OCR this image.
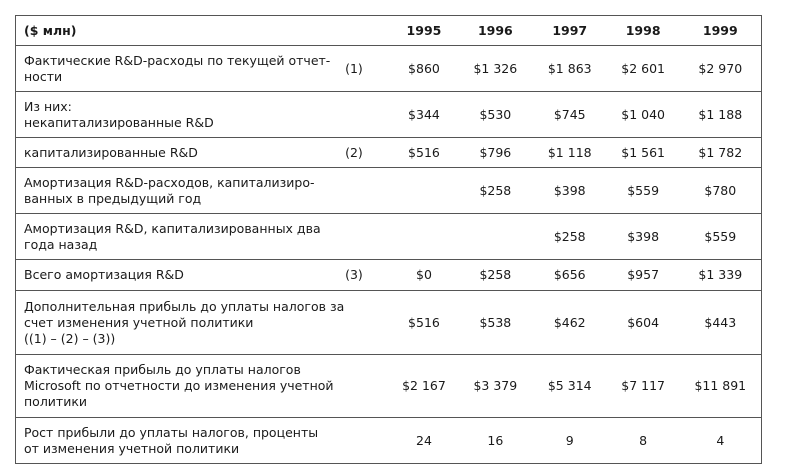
($ млн)		1995	1996	1997	1998	1999
Фактические R&D-расходы по текущей отчет-
ности	(1)	$860	$1 326	$1 863	$2 601	$2 970
Из них:
некапитализированные R&D		$344	$530	$745	$1 040	$1 188
капитализированные R&D	(2)	$516	$796	$1 118	$1 561	$1 782
Амортизация R&D-расходов, капитализиро-
ванных в предыдущий год			$258	$398	$559	$780
Амортизация R&D, капитализированных два
года назад				$258	$398	$559
Всего амортизация R&D	(3)	$0	$258	$656	$957	$1 339
Дополнительная прибыль до уплаты налогов за
счет изменения учетной политики
((1) – (2) – (3))		$516	$538	$462	$604	$443
Фактическая прибыль до уплаты налогов
Microsoft по отчетности до изменения учетной политики		$2 167	$3 379	$5 314	$7 117	$11 891
Рост прибыли до уплаты налогов, проценты
от изменения учетной политики		24	16	9	8	4
